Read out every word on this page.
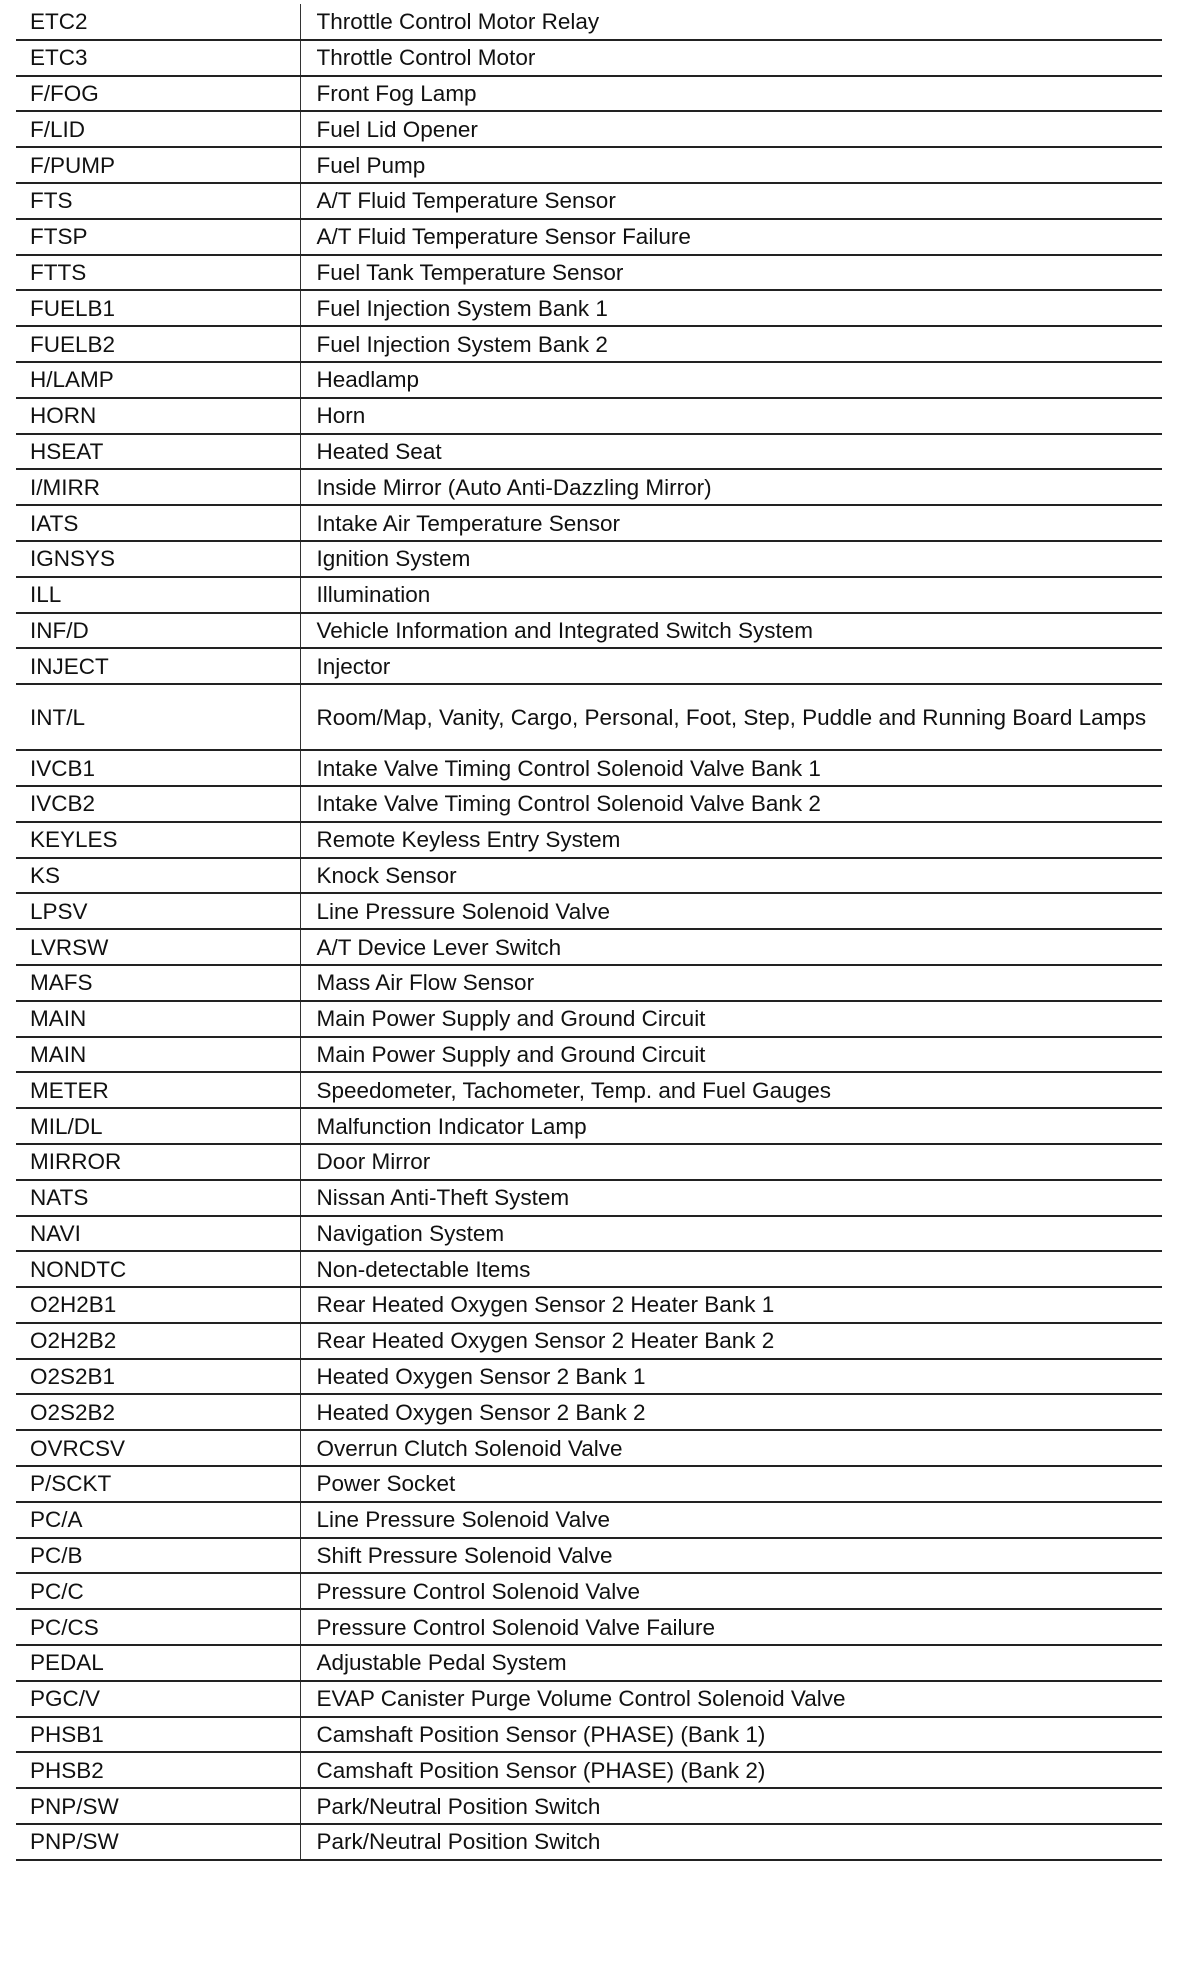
ETC2	Throttle Control Motor Relay
ETC3	Throttle Control Motor
F/FOG	Front Fog Lamp
F/LID	Fuel Lid Opener
F/PUMP	Fuel Pump
FTS	A/T Fluid Temperature Sensor
FTSP	A/T Fluid Temperature Sensor Failure
FTTS	Fuel Tank Temperature Sensor
FUELB1	Fuel Injection System Bank 1
FUELB2	Fuel Injection System Bank 2
H/LAMP	Headlamp
HORN	Horn
HSEAT	Heated Seat
I/MIRR	Inside Mirror (Auto Anti-Dazzling Mirror)
IATS	Intake Air Temperature Sensor
IGNSYS	Ignition System
ILL	Illumination
INF/D	Vehicle Information and Integrated Switch System
INJECT	Injector
INT/L	Room/Map, Vanity, Cargo, Personal, Foot, Step, Puddle and Running Board Lamps
IVCB1	Intake Valve Timing Control Solenoid Valve Bank 1
IVCB2	Intake Valve Timing Control Solenoid Valve Bank 2
KEYLES	Remote Keyless Entry System
KS	Knock Sensor
LPSV	Line Pressure Solenoid Valve
LVRSW	A/T Device Lever Switch
MAFS	Mass Air Flow Sensor
MAIN	Main Power Supply and Ground Circuit
MAIN	Main Power Supply and Ground Circuit
METER	Speedometer, Tachometer, Temp. and Fuel Gauges
MIL/DL	Malfunction Indicator Lamp
MIRROR	Door Mirror
NATS	Nissan Anti-Theft System
NAVI	Navigation System
NONDTC	Non-detectable Items
O2H2B1	Rear Heated Oxygen Sensor 2 Heater Bank 1
O2H2B2	Rear Heated Oxygen Sensor 2 Heater Bank 2
O2S2B1	Heated Oxygen Sensor 2 Bank 1
O2S2B2	Heated Oxygen Sensor 2 Bank 2
OVRCSV	Overrun Clutch Solenoid Valve
P/SCKT	Power Socket
PC/A	Line Pressure Solenoid Valve
PC/B	Shift Pressure Solenoid Valve
PC/C	Pressure Control Solenoid Valve
PC/CS	Pressure Control Solenoid Valve Failure
PEDAL	Adjustable Pedal System
PGC/V	EVAP Canister Purge Volume Control Solenoid Valve
PHSB1	Camshaft Position Sensor (PHASE) (Bank 1)
PHSB2	Camshaft Position Sensor (PHASE) (Bank 2)
PNP/SW	Park/Neutral Position Switch
PNP/SW	Park/Neutral Position Switch
